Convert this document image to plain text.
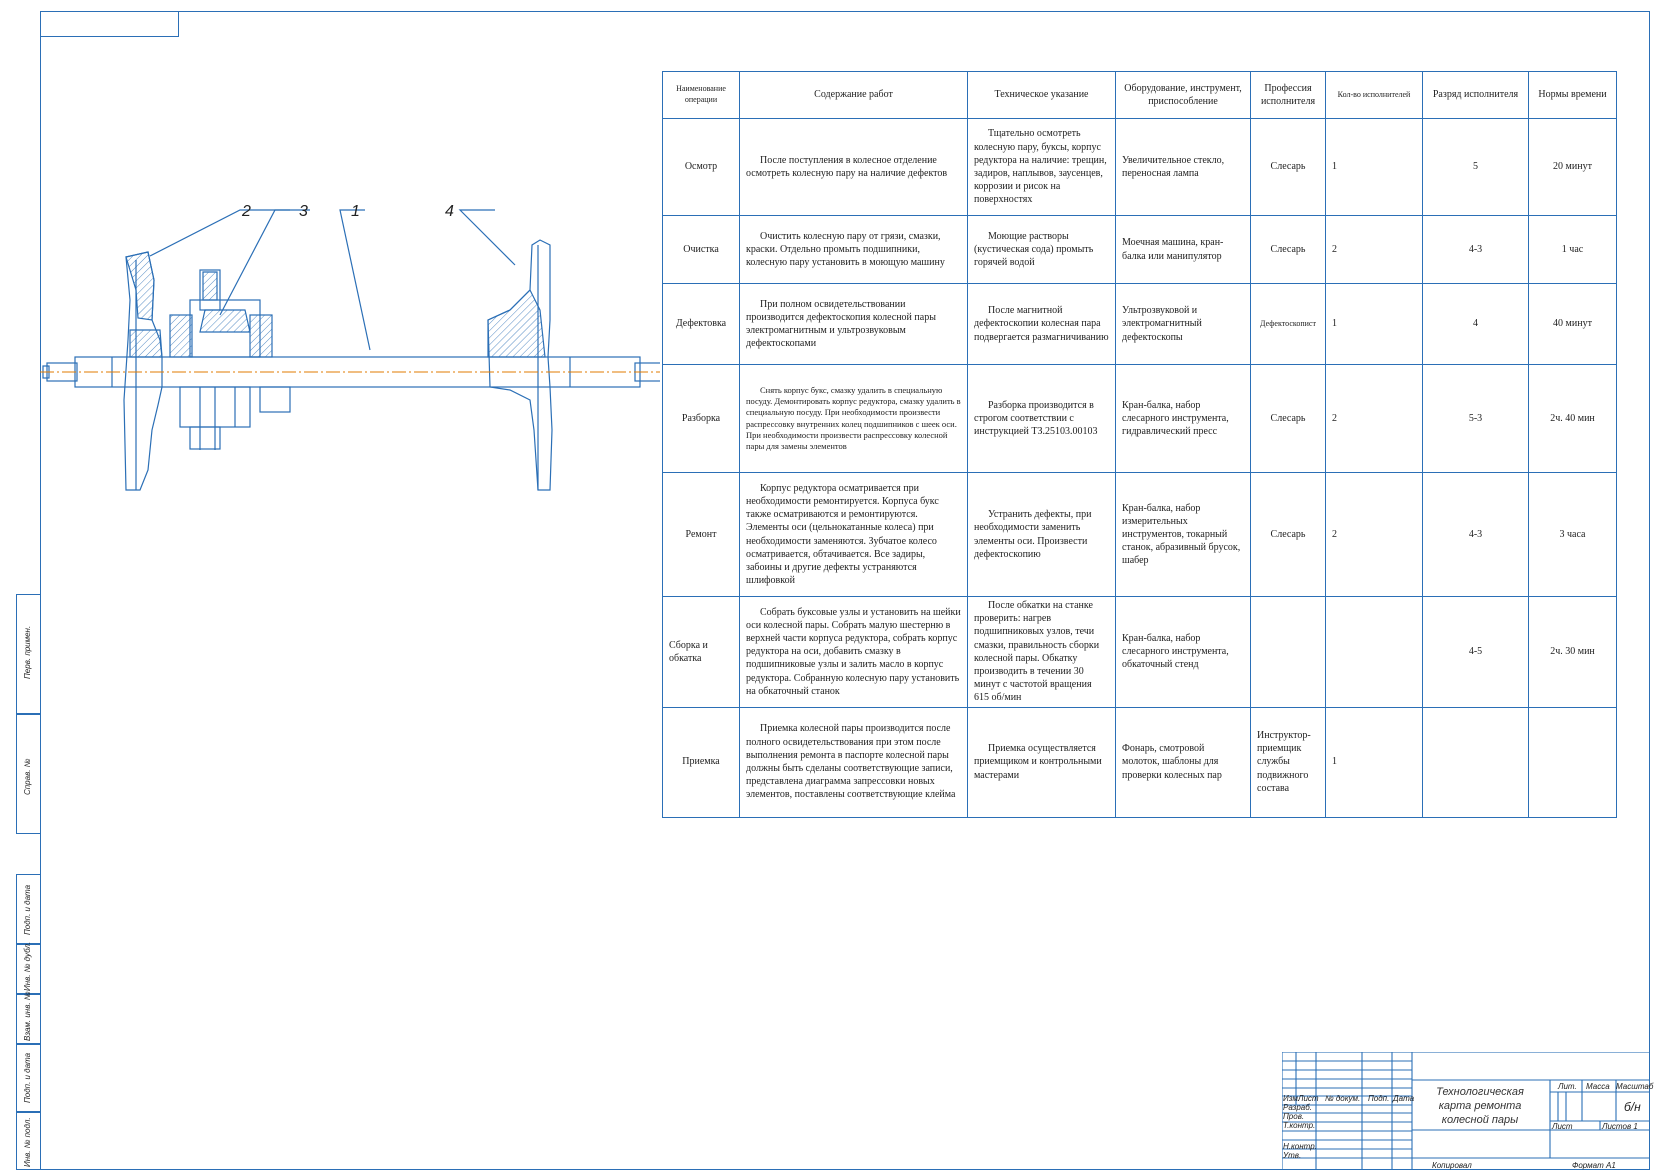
Перв. примен.
Справ. №
Подп. и дата
Инв. № дубл.
Взам. инв. №
Подп. и дата
Инв. № подл.
2	3	1	4
Наименование операции	Содержание работ	Техническое указание	Оборудование, инструмент, приспособление	Профессия исполнителя	Кол-во исполнителей	Разряд исполнителя	Нормы времени
Осмотр	После поступления в колесное отделение осмотреть колесную пару на наличие дефектов	Тщательно осмотреть колесную пару, буксы, корпус редуктора на наличие: трещин, задиров, наплывов, заусенцев, коррозии и рисок на поверхностях	Увеличительное стекло, переносная лампа	Слесарь	1	5	20 минут
Очистка	Очистить колесную пару от грязи, смазки, краски. Отдельно промыть подшипники, колесную пару установить в моющую машину	Моющие растворы (кустическая сода) промыть горячей водой	Моечная машина, кран-балка или манипулятор	Слесарь	2	4-3	1 час
Дефектовка	При полном освидетельствовании производится дефектоскопия колесной пары электромагнитным и ультрозвуковым дефектоскопами	После магнитной дефектоскопии колесная пара подвергается размагничиванию	Ультрозвуковой и электромагнитный дефектоскопы	Дефектоскопист	1	4	40 минут
Разборка	Снять корпус букс, смазку удалить в специальную посуду. Демонтировать корпус редуктора, смазку удалить в специальную посуду. При необходимости произвести распрессовку внутренних колец подшипников с шеек оси. При необходимости произвести распрессовку колесной пары для замены элементов	Разборка производится в строгом соответствии с инструкцией ТЗ.25103.00103	Кран-балка, набор слесарного инструмента, гидравлический пресс	Слесарь	2	5-3	2ч. 40 мин
Ремонт	Корпус редуктора осматривается при необходимости ремонтируется. Корпуса букс также осматриваются и ремонтируются. Элементы оси (цельнокатанные колеса) при необходимости заменяются. Зубчатое колесо осматривается, обтачивается. Все задиры, забоины и другие дефекты устраняются шлифовкой	Устранить дефекты, при необходимости заменить элементы оси. Произвести дефектоскопию	Кран-балка, набор измерительных инструментов, токарный станок, абразивный брусок, шабер	Слесарь	2	4-3	3 часа
Сборка и обкатка	Собрать буксовые узлы и установить на шейки оси колесной пары. Собрать малую шестерню в верхней части корпуса редуктора, собрать корпус редуктора на оси, добавить смазку в подшипниковые узлы и залить масло в корпус редуктора. Собранную колесную пару установить на обкаточный станок	После обкатки на станке проверить: нагрев подшипниковых узлов, течи смазки, правильность сборки колесной пары. Обкатку производить в течении 30 минут с частотой вращения 615 об/мин	Кран-балка, набор слесарного инструмента, обкаточный стенд			4-5	2ч. 30 мин
Приемка	Приемка колесной пары производится после полного освидетельствования при этом после выполнения ремонта в паспорте колесной пары должны быть сделаны соответствующие записи, представлена диаграмма запрессовки новых элементов, поставлены соответствующие клейма	Приемка осуществляется приемщиком и контрольными мастерами	Фонарь, смотровой молоток, шаблоны для проверки колесных пар	Инструктор-приемщик службы подвижного состава	1		
Изм.
Лист № докум. Подп. Дата
Разраб.
Пров.
Т.контр.
Н.контр.
Утв.
Технологическая карта ремонта колесной пары
Лит. Масса Масштаб
б/н
Лист	Листов 1
Копировал	Формат А1
